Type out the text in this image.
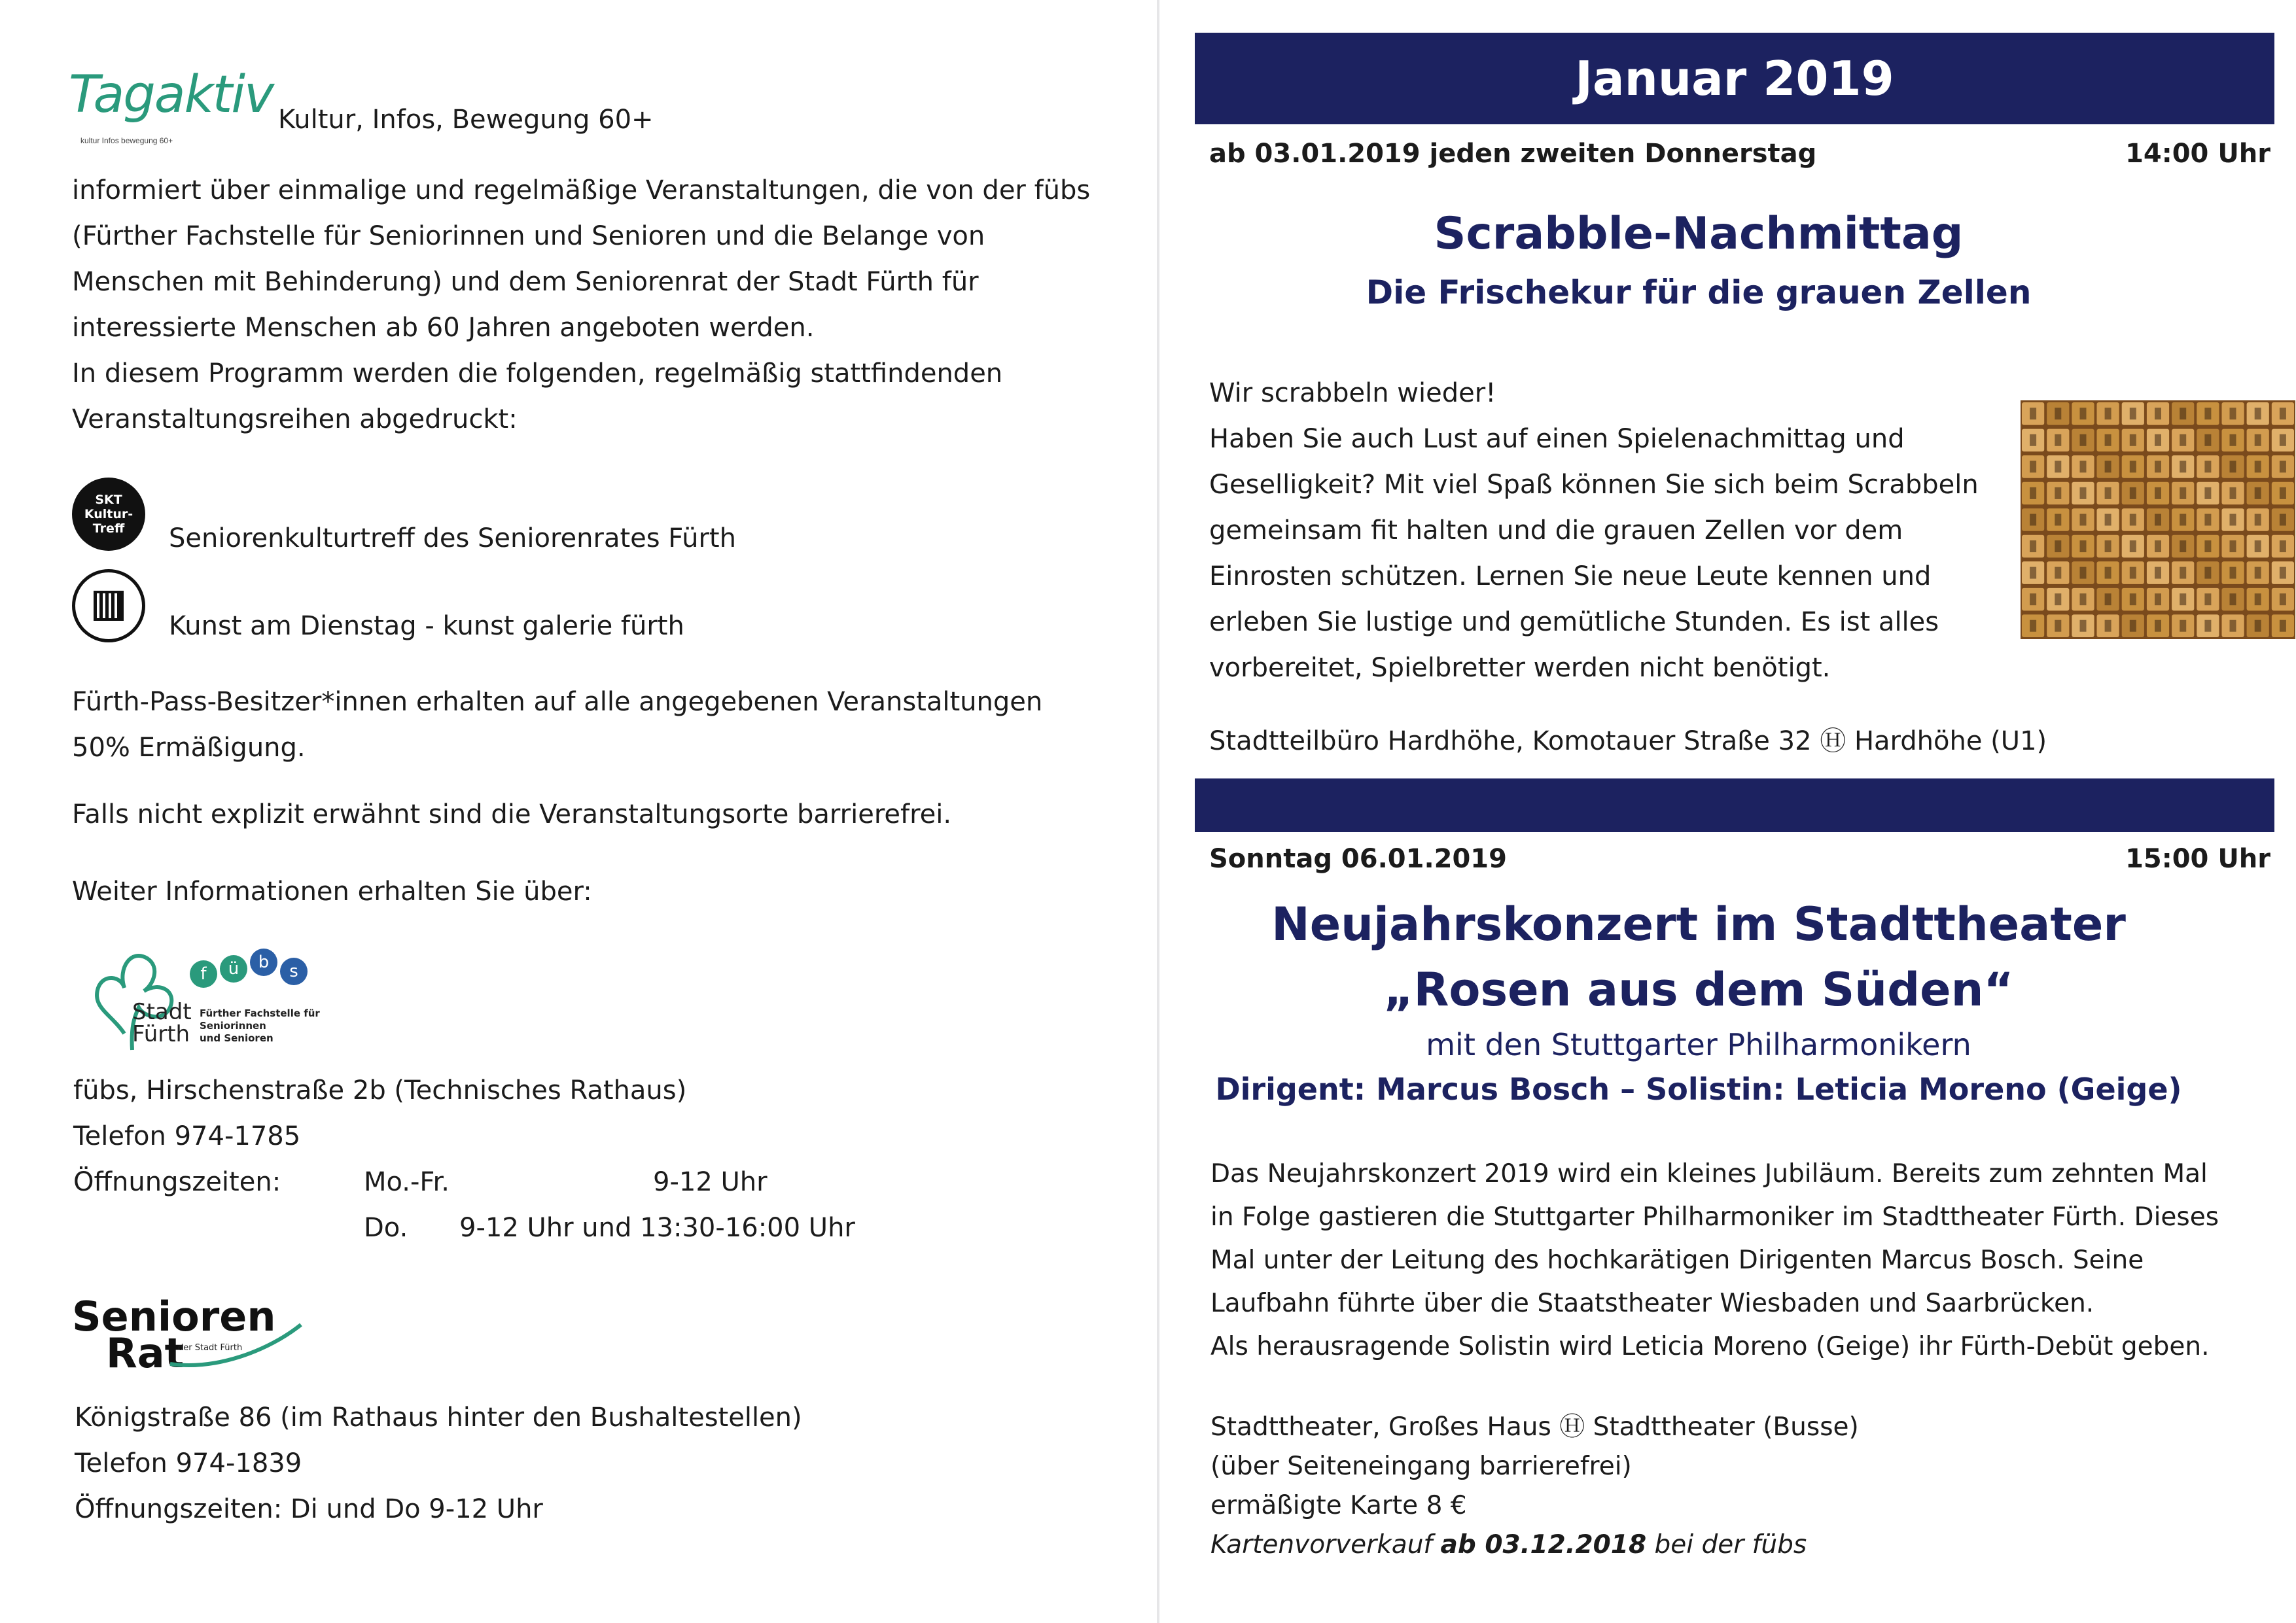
Tagaktiv
kultur Infos bewegung 60+
Kultur, Infos, Bewegung 60+
informiert über einmalige und regelmäßige Veranstaltungen, die von der fübs
(Fürther Fachstelle für Seniorinnen und Senioren und die Belange von
Menschen mit Behinderung) und dem Seniorenrat der Stadt Fürth für
interessierte Menschen ab 60 Jahren angeboten werden.
In diesem Programm werden die folgenden, regelmäßig stattfindenden
Veranstaltungsreihen abgedruckt:
SKT
Kultur-
Treff	Seniorenkulturtreff des Seniorenrates Fürth
Kunst am Dienstag - kunst galerie fürth
Fürth-Pass-Besitzer*innen erhalten auf alle angegebenen Veranstaltungen
50% Ermäßigung.
Falls nicht explizit erwähnt sind die Veranstaltungsorte barrierefrei.
Weiter Informationen erhalten Sie über:
Stadt
Fürth
f	ü	b	s
Fürther Fachstelle für
Seniorinnen
und Senioren
fübs, Hirschenstraße 2b (Technisches Rathaus)
Telefon 974-1785
Öffnungszeiten:	Mo.-Fr.	9-12 Uhr
Do. 9-12 Uhr und 13:30-16:00 Uhr
Senioren
Rat
der Stadt Fürth
Königstraße 86 (im Rathaus hinter den Bushaltestellen)
Telefon 974-1839
Öffnungszeiten: Di und Do 9-12 Uhr
Januar 2019
ab 03.01.2019 jeden zweiten Donnerstag	14:00 Uhr
Scrabble-Nachmittag
Die Frischekur für die grauen Zellen
Wir scrabbeln wieder!
Haben Sie auch Lust auf einen Spielenachmittag und
Geselligkeit? Mit viel Spaß können Sie sich beim Scrabbeln
gemeinsam fit halten und die grauen Zellen vor dem
Einrosten schützen. Lernen Sie neue Leute kennen und
erleben Sie lustige und gemütliche Stunden. Es ist alles
vorbereitet, Spielbretter werden nicht benötigt.
Stadtteilbüro Hardhöhe, Komotauer Straße 32 Ⓗ Hardhöhe (U1)
Sonntag 06.01.2019	15:00 Uhr
Neujahrskonzert im Stadttheater
„Rosen aus dem Süden“
mit den Stuttgarter Philharmonikern
Dirigent: Marcus Bosch – Solistin: Leticia Moreno (Geige)
Das Neujahrskonzert 2019 wird ein kleines Jubiläum. Bereits zum zehnten Mal
in Folge gastieren die Stuttgarter Philharmoniker im Stadttheater Fürth. Dieses
Mal unter der Leitung des hochkarätigen Dirigenten Marcus Bosch. Seine
Laufbahn führte über die Staatstheater Wiesbaden und Saarbrücken.
Als herausragende Solistin wird Leticia Moreno (Geige) ihr Fürth-Debüt geben.
Stadttheater, Großes Haus Ⓗ Stadttheater (Busse)
(über Seiteneingang barrierefrei)
ermäßigte Karte 8 €
Kartenvorverkauf ab 03.12.2018 bei der fübs
